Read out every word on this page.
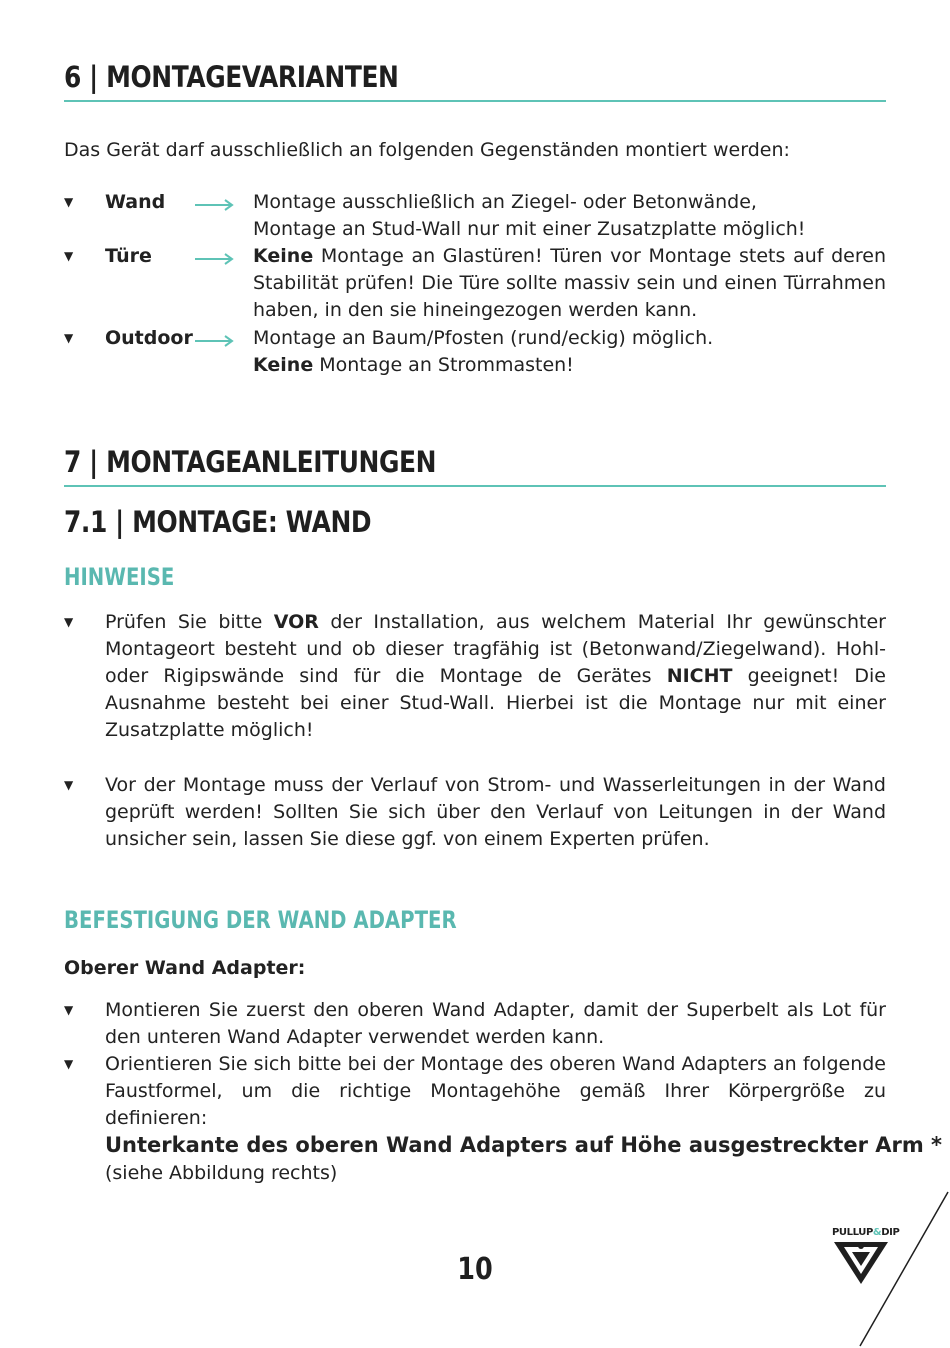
6 | MONTAGEVARIANTEN
Das Gerät darf ausschließlich an folgenden Gegenständen montiert werden:
▼ Wand	Montage ausschließlich an Ziegel- oder Betonwände,
Montage an Stud-Wall nur mit einer Zusatzplatte möglich!
▼ Türe	Keine Montage an Glastüren! Türen vor Montage stets auf deren Stabilität prüfen! Die Türe sollte massiv sein und einen Türrahmen haben, in den sie hineingezogen werden kann.
▼ Outdoor	Montage an Baum/Pfosten (rund/eckig) möglich.
Keine Montage an Strommasten!
7 | MONTAGEANLEITUNGEN
7.1 | MONTAGE: WAND
HINWEISE
▼ Prüfen Sie bitte VOR der Installation, aus welchem Material Ihr gewünschter Montageort besteht und ob dieser tragfähig ist (Betonwand/Ziegelwand). Hohl- oder Rigipswände sind für die Montage de Gerätes NICHT geeignet! Die Ausnahme besteht bei einer Stud-Wall. Hierbei ist die Montage nur mit einer Zusatzplatte möglich!
▼ Vor der Montage muss der Verlauf von Strom- und Wasserleitungen in der Wand geprüft werden! Sollten Sie sich über den Verlauf von Leitungen in der Wand unsicher sein, lassen Sie diese ggf. von einem Experten prüfen.
BEFESTIGUNG DER WAND ADAPTER
Oberer Wand Adapter:
▼ Montieren Sie zuerst den oberen Wand Adapter, damit der Superbelt als Lot für den unteren Wand Adapter verwendet werden kann.
▼ Orientieren Sie sich bitte bei der Montage des oberen Wand Adapters an folgende Faustformel, um die richtige Montagehöhe gemäß Ihrer Körpergröße zu definieren:
Unterkante des oberen Wand Adapters auf Höhe ausgestreckter Arm *
(siehe Abbildung rechts)
10
PULLUP&DIP
